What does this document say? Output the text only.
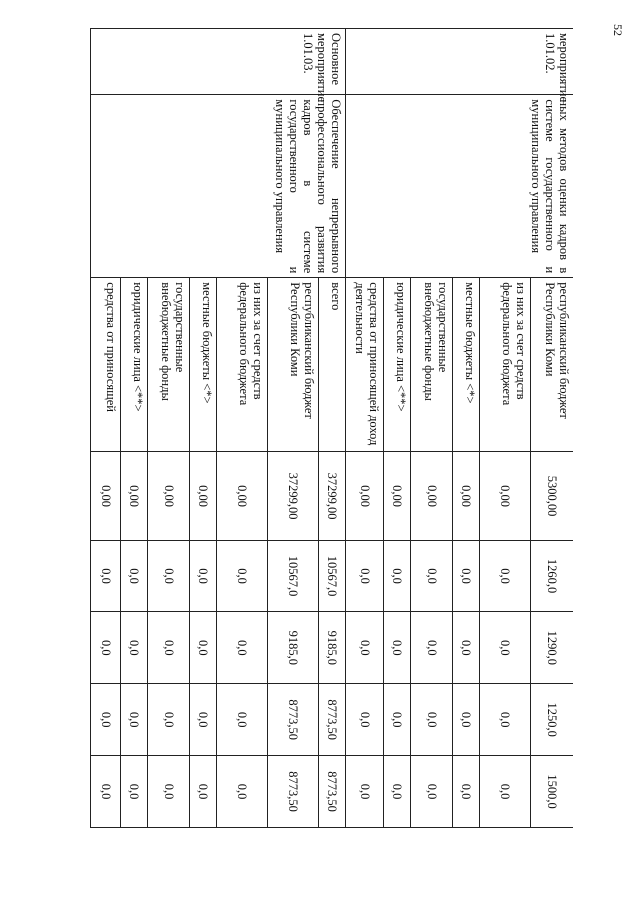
52
мероприятие 1.01.02.	ных методов оценки кадров в системе государственного и муниципального управления	республиканский бюджет Республики Коми	5300,00	1260,0	1290,0	1250,0	1500,0
		из них за счет средств федерального бюджета	0,00	0,0	0,0	0,0	0,0
		местные бюджеты <*>	0,00	0,0	0,0	0,0	0,0
		государственные внебюджетные фонды	0,00	0,0	0,0	0,0	0,0
		юридические лица <**>	0,00	0,0	0,0	0,0	0,0
		средства от приносящей доход деятельности	0,00	0,0	0,0	0,0	0,0
Основное мероприятие 1.01.03.	Обеспечение непрерывного профессионального развития кадров в системе государственного и муниципального управления	всего	37299,00	10567,0	9185,0	8773,50	8773,50
		республиканский бюджет Республики Коми	37299,00	10567,0	9185,0	8773,50	8773,50
		из них за счет средств федерального бюджета	0,00	0,0	0,0	0,0	0,0
		местные бюджеты <*>	0,00	0,0	0,0	0,0	0,0
		государственные внебюджетные фонды	0,00	0,0	0,0	0,0	0,0
		юридические лица <**>	0,00	0,0	0,0	0,0	0,0
		средства от приносящей	0,00	0,0	0,0	0,0	0,0
